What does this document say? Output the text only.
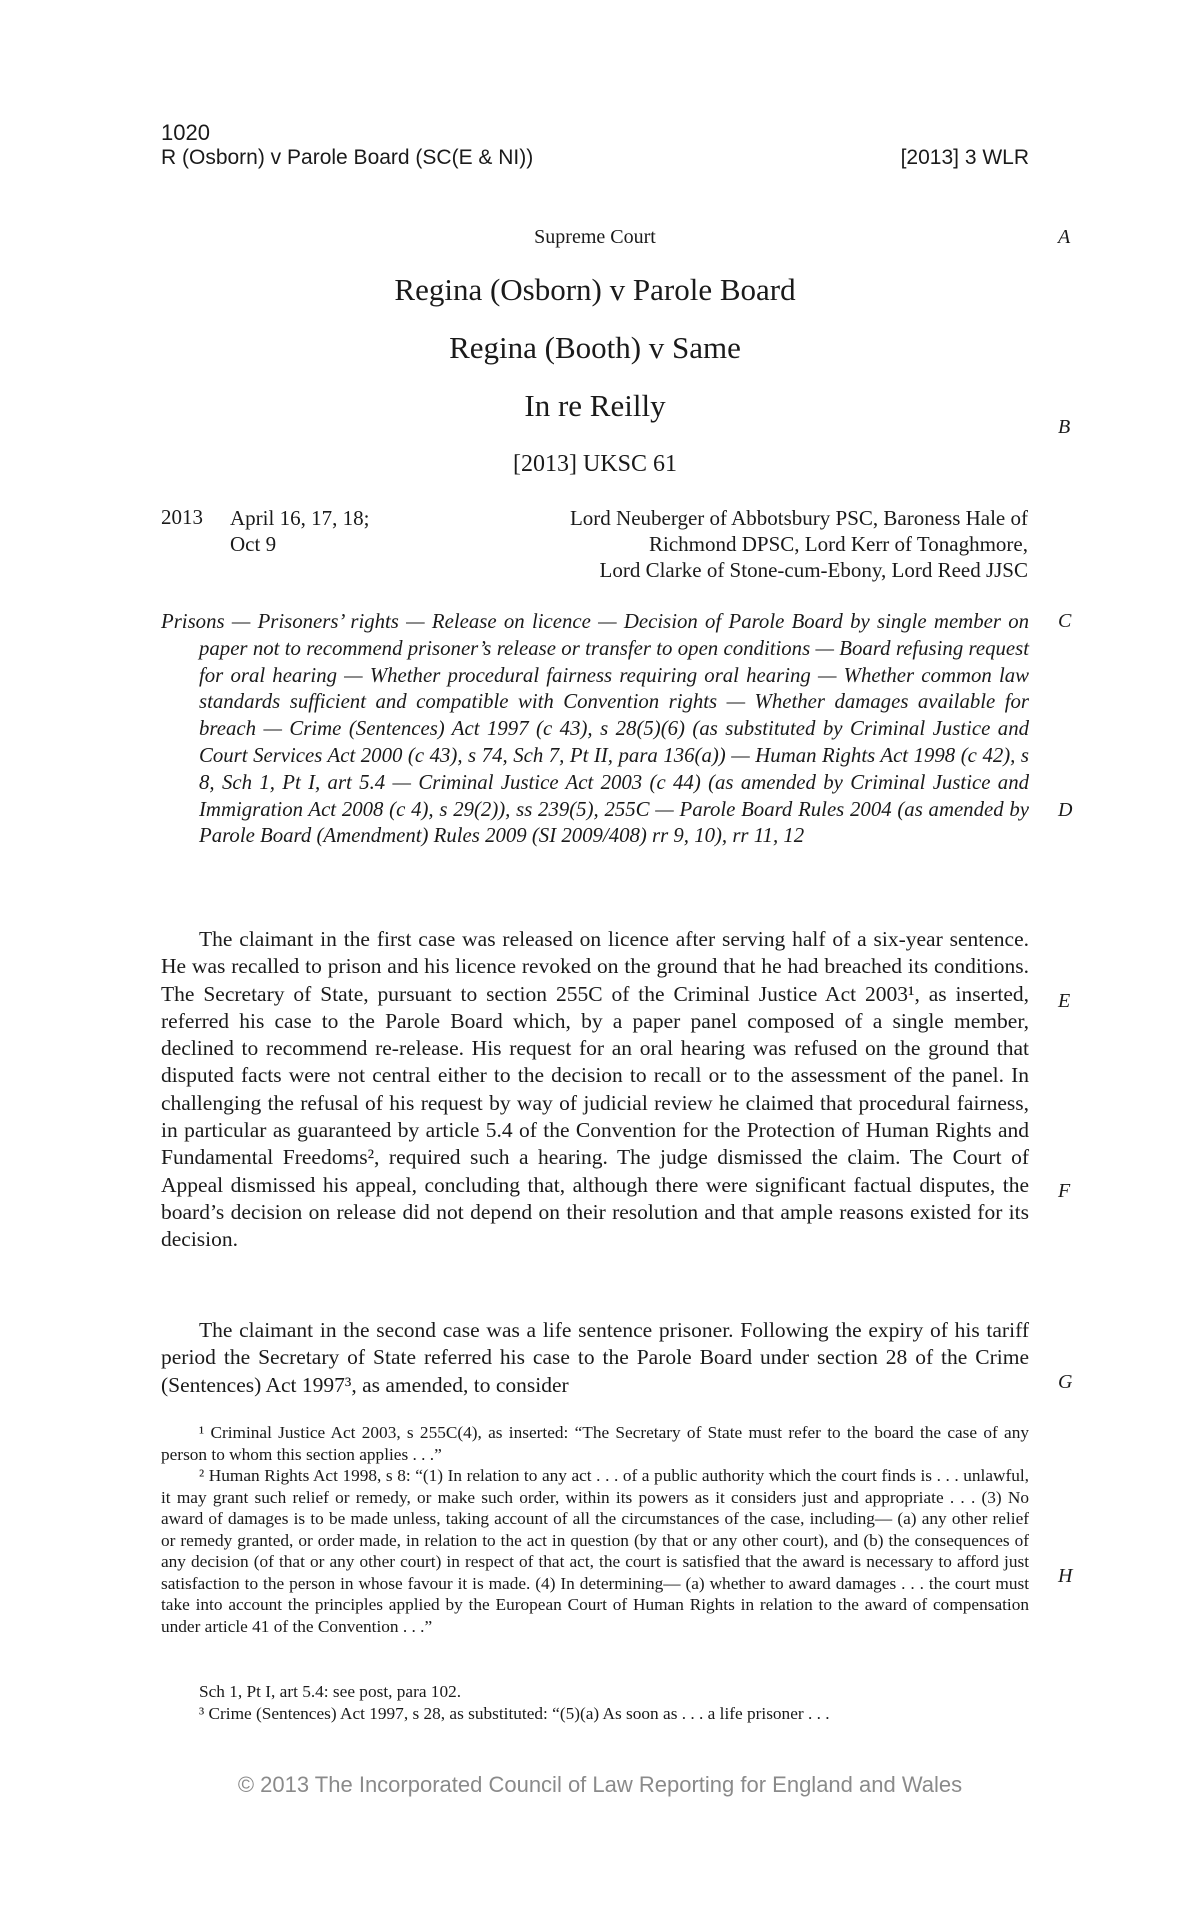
1020
R (Osborn) v Parole Board (SC(E & NI))	[2013] 3 WLR
Supreme Court
Regina (Osborn) v Parole Board
Regina (Booth) v Same
In re Reilly
[2013] UKSC 61
2013 April 16, 17, 18;
Oct 9
Lord Neuberger of Abbotsbury PSC, Baroness Hale of
Richmond DPSC, Lord Kerr of Tonaghmore,
Lord Clarke of Stone-cum-Ebony, Lord Reed JJSC

Prisons — Prisoners’ rights — Release on licence — Decision of Parole Board by single member on paper not to recommend prisoner’s release or transfer to open conditions — Board refusing request for oral hearing — Whether procedural fairness requiring oral hearing — Whether common law standards sufficient and compatible with Convention rights — Whether damages available for breach — Crime (Sentences) Act 1997 (c 43), s 28(5)(6) (as substituted by Criminal Justice and Court Services Act 2000 (c 43), s 74, Sch 7, Pt II, para 136(a)) — Human Rights Act 1998 (c 42), s 8, Sch 1, Pt I, art 5.4 — Criminal Justice Act 2003 (c 44) (as amended by Criminal Justice and Immigration Act 2008 (c 4), s 29(2)), ss 239(5), 255C — Parole Board Rules 2004 (as amended by Parole Board (Amendment) Rules 2009 (SI 2009/408) rr 9, 10), rr 11, 12

The claimant in the first case was released on licence after serving half of a six-year sentence. He was recalled to prison and his licence revoked on the ground that he had breached its conditions. The Secretary of State, pursuant to section 255C of the Criminal Justice Act 2003¹, as inserted, referred his case to the Parole Board which, by a paper panel composed of a single member, declined to recommend re-release. His request for an oral hearing was refused on the ground that disputed facts were not central either to the decision to recall or to the assessment of the panel. In challenging the refusal of his request by way of judicial review he claimed that procedural fairness, in particular as guaranteed by article 5.4 of the Convention for the Protection of Human Rights and Fundamental Freedoms², required such a hearing. The judge dismissed the claim. The Court of Appeal dismissed his appeal, concluding that, although there were significant factual disputes, the board’s decision on release did not depend on their resolution and that ample reasons existed for its decision.

The claimant in the second case was a life sentence prisoner. Following the expiry of his tariff period the Secretary of State referred his case to the Parole Board under section 28 of the Crime (Sentences) Act 1997³, as amended, to consider

¹ Criminal Justice Act 2003, s 255C(4), as inserted: “The Secretary of State must refer to the board the case of any person to whom this section applies . . .”

² Human Rights Act 1998, s 8: “(1) In relation to any act . . . of a public authority which the court finds is . . . unlawful, it may grant such relief or remedy, or make such order, within its powers as it considers just and appropriate . . . (3) No award of damages is to be made unless, taking account of all the circumstances of the case, including— (a) any other relief or remedy granted, or order made, in relation to the act in question (by that or any other court), and (b) the consequences of any decision (of that or any other court) in respect of that act, the court is satisfied that the award is necessary to afford just satisfaction to the person in whose favour it is made. (4) In determining— (a) whether to award damages . . . the court must take into account the principles applied by the European Court of Human Rights in relation to the award of compensation under article 41 of the Convention . . .”

Sch 1, Pt I, art 5.4: see post, para 102.

³ Crime (Sentences) Act 1997, s 28, as substituted: “(5)(a) As soon as . . . a life prisoner . . .

A
B
C
D
E
F
G
H
© 2013 The Incorporated Council of Law Reporting for England and Wales
